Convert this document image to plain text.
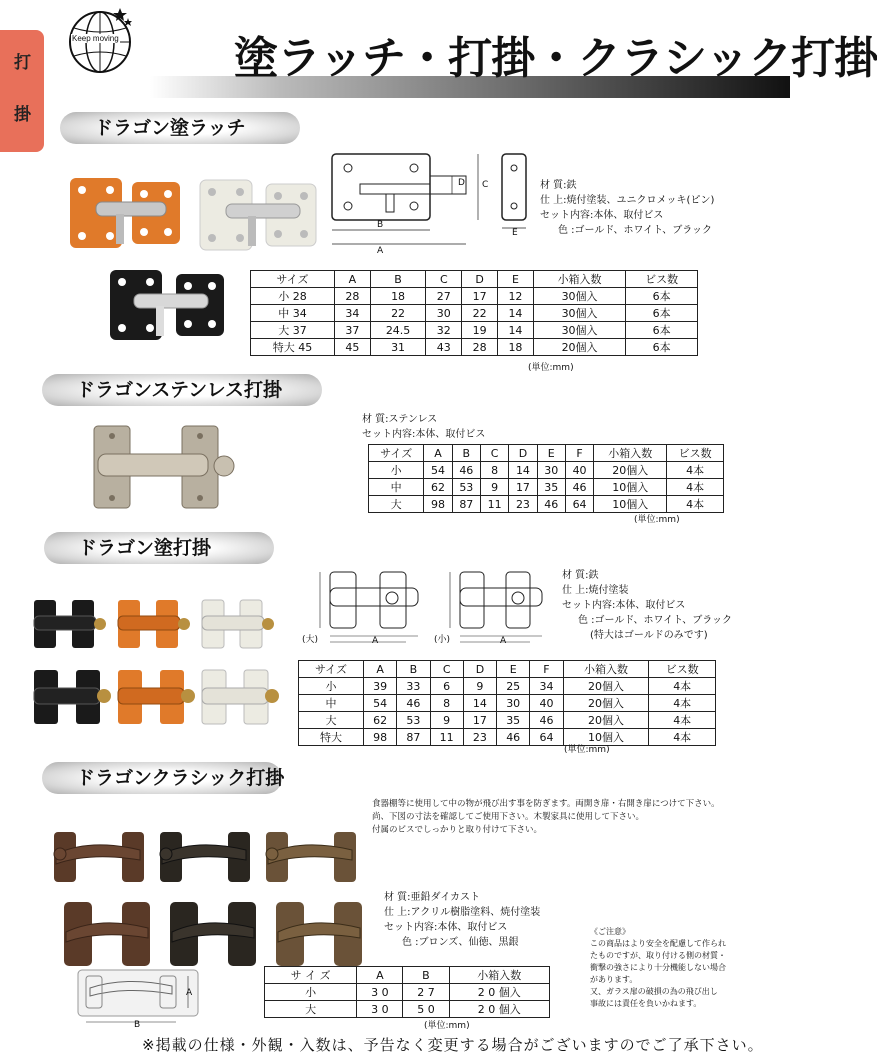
打
掛
Keep moving	塗ラッチ・打掛・クラシック打掛
ドラゴン塗ラッチ
D C
B
A
E
材 質:鉄
仕 上:焼付塗装、ユニクロメッキ(ピン)
セット内容:本体、取付ビス
色 :ゴールド、ホワイト、ブラック
サイズ	A	B	C	D	E	小箱入数	ビス数
小 28	28	18	27	17	12	30個入	6本
中 34	34	22	30	22	14	30個入	6本
大 37	37	24.5	32	19	14	30個入	6本
特大 45	45	31	43	28	18	20個入	6本
(単位:mm)
ドラゴンステンレス打掛
材 質:ステンレス
セット内容:本体、取付ビス
サイズ	A	B	C	D	E	F	小箱入数	ビス数
小	54	46	8	14	30	40	20個入	4本
中	62	53	9	17	35	46	10個入	4本
大	98	87	11	23	46	64	10個入	4本
(単位:mm)
ドラゴン塗打掛
(大)	(小)
A	A
材 質:鉄
仕 上:焼付塗装
セット内容:本体、取付ビス
色 :ゴールド、ホワイト、ブラック
(特大はゴールドのみです)
サイズ	A	B	C	D	E	F	小箱入数	ビス数
小	39	33	6	9	25	34	20個入	4本
中	54	46	8	14	30	40	20個入	4本
大	62	53	9	17	35	46	20個入	4本
特大	98	87	11	23	46	64	10個入	4本
(単位:mm)
ドラゴンクラシック打掛
食器棚等に使用して中の物が飛び出す事を防ぎます。両開き扉・右開き扉につけて下さい。
尚、下図の寸法を確認してご使用下さい。木製家具に使用して下さい。
付属のビスでしっかりと取り付けて下さい。
材 質:亜鉛ダイカスト
仕 上:アクリル樹脂塗料、焼付塗装
セット内容:本体、取付ビス
色 :ブロンズ、仙徳、黒銀
《ご注意》
この商品はより安全を配慮して作られ
たものですが、取り付ける側の材質・
衝撃の強さにより十分機能しない場合
があります。
又、ガラス扉の破損の為の飛び出し
事故には責任を負いかねます。
A
B
サ イ ズ	A	B	小箱入数
小	3 0	2 7	2 0 個入
大	3 0	5 0	2 0 個入
(単位:mm)
※掲載の仕様・外観・入数は、予告なく変更する場合がございますのでご了承下さい。
